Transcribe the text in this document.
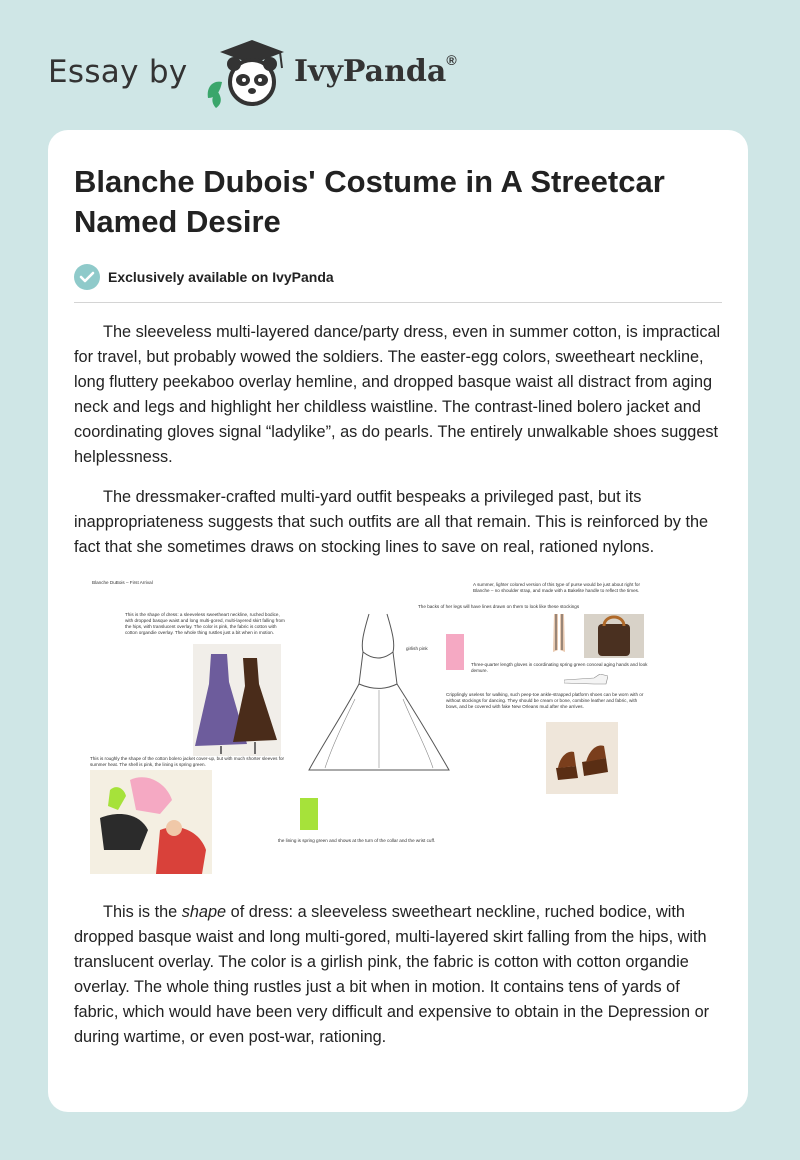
Essay by	IvyPanda®
Blanche Dubois' Costume in A Streetcar Named Desire
Exclusively available on IvyPanda

The sleeveless multi-layered dance/party dress, even in summer cotton, is impractical for travel, but probably wowed the soldiers. The easter-egg colors, sweetheart neckline, long fluttery peekaboo overlay hemline, and dropped basque waist all distract from aging neck and legs and highlight her childless waistline. The contrast-lined bolero jacket and coordinating gloves signal “ladylike”, as do pearls. The entirely unwalkable shoes suggest helplessness.

The dressmaker-crafted multi-yard outfit bespeaks a privileged past, but its inappropriateness suggests that such outfits are all that remain. This is reinforced by the fact that she sometimes draws on stocking lines to save on real, rationed nylons.

Blanche DuBois – First Arrival
This is the shape of dress: a sleeveless sweetheart neckline, ruched bodice, with dropped basque waist and long multi-gored, multi-layered skirt falling from the hips, with translucent overlay. The color is pink, the fabric is cotton with cotton organdie overlay. The whole thing rustles just a bit when in motion.
girlish pink
A summer, lighter colored version of this type of purse would be just about right for Blanche – no shoulder strap, and made with a Bakelite handle to reflect the times.
The backs of her legs will have lines drawn on them to look like these stockings
Three-quarter length gloves in coordinating spring green conceal aging hands and look demure.
Cripplingly useless for walking, such peep-toe ankle-strapped platform shoes can be worn with or without stockings for dancing. They should be cream or bone, combine leather and fabric, with bows, and be covered with fake New Orleans mud after she arrives.
This is roughly the shape of the cotton bolero jacket cover-up, but with much shorter sleeves for summer heat. The shell is pink, the lining is spring green.
the lining is spring green and shows at the turn of the collar and the wrist cuff.

This is the shape of dress: a sleeveless sweetheart neckline, ruched bodice, with dropped basque waist and long multi-gored, multi-layered skirt falling from the hips, with translucent overlay. The color is a girlish pink, the fabric is cotton with cotton organdie overlay. The whole thing rustles just a bit when in motion. It contains tens of yards of fabric, which would have been very difficult and expensive to obtain in the Depression or during wartime, or even post-war, rationing.
